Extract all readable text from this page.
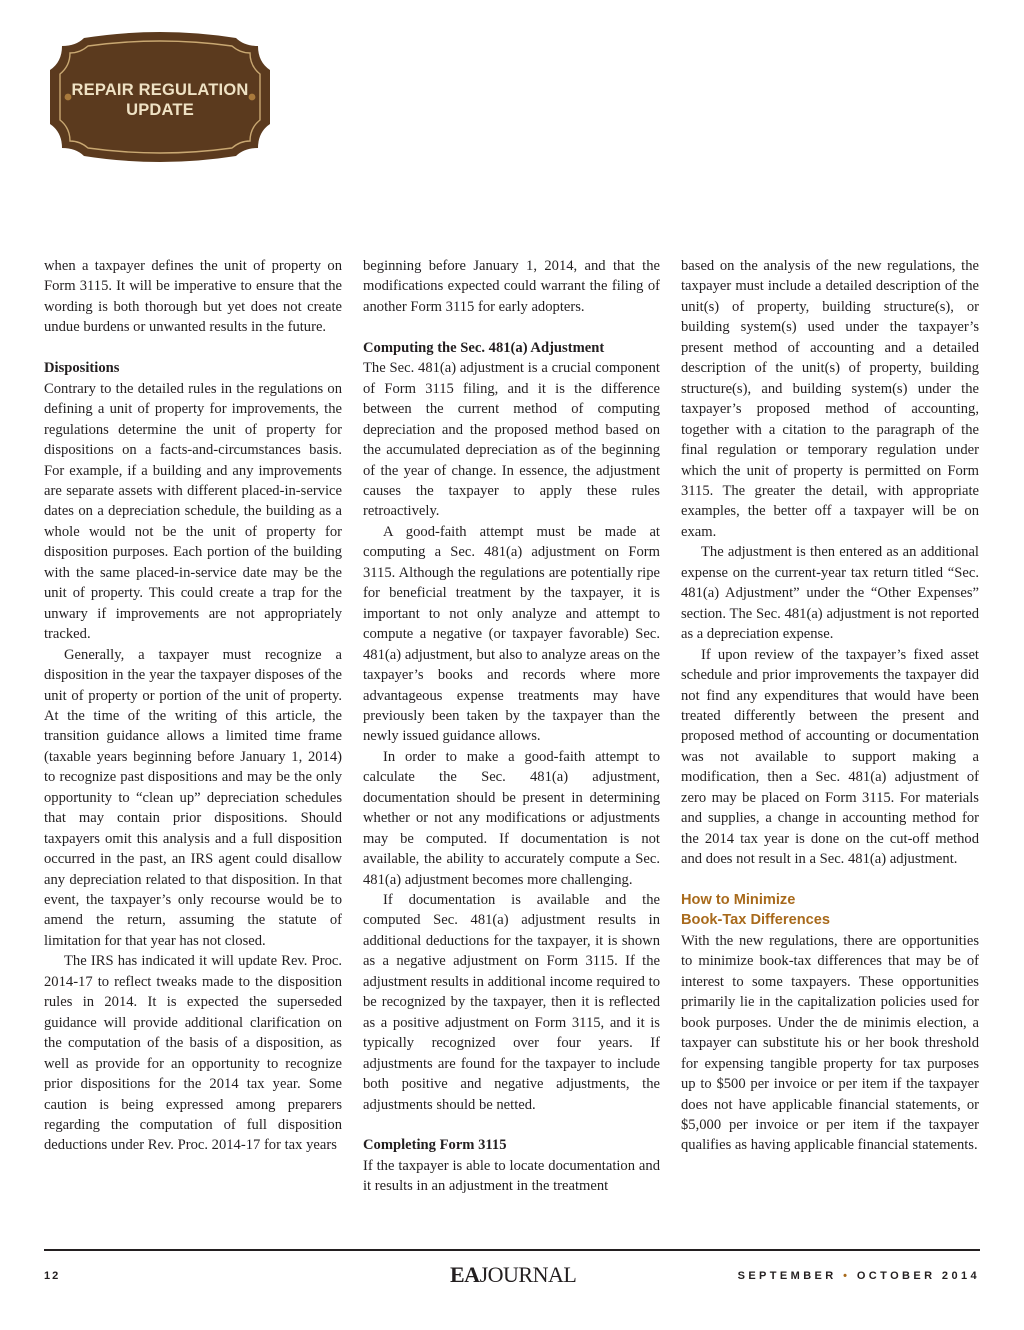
REPAIR REGULATION
UPDATE

when a taxpayer defines the unit of property on Form 3115. It will be imperative to ensure that the wording is both thorough but yet does not create undue burdens or unwanted results in the future.

Dispositions

Contrary to the detailed rules in the regulations on defining a unit of property for improvements, the regulations determine the unit of property for dispositions on a facts-and-circumstances basis. For example, if a building and any improvements are separate assets with different placed-in-service dates on a depreciation schedule, the building as a whole would not be the unit of property for disposition purposes. Each portion of the building with the same placed-in-service date may be the unit of property. This could create a trap for the unwary if improvements are not appropriately tracked.

Generally, a taxpayer must recognize a disposition in the year the taxpayer disposes of the unit of property or portion of the unit of property. At the time of the writing of this article, the transition guidance allows a limited time frame (taxable years beginning before January 1, 2014) to recognize past dispositions and may be the only opportunity to “clean up” depreciation schedules that may contain prior dispositions. Should taxpayers omit this analysis and a full disposition occurred in the past, an IRS agent could disallow any depreciation related to that disposition. In that event, the taxpayer’s only recourse would be to amend the return, assuming the statute of limitation for that year has not closed.

The IRS has indicated it will update Rev. Proc. 2014-17 to reflect tweaks made to the disposition rules in 2014. It is expected the superseded guidance will provide additional clarification on the computation of the basis of a disposition, as well as provide for an opportunity to recognize prior dispositions for the 2014 tax year. Some caution is being expressed among preparers regarding the computation of full disposition deductions under Rev. Proc. 2014-17 for tax years

beginning before January 1, 2014, and that the modifications expected could warrant the filing of another Form 3115 for early adopters.

Computing the Sec. 481(a) Adjustment

The Sec. 481(a) adjustment is a crucial component of Form 3115 filing, and it is the difference between the current method of computing depreciation and the proposed method based on the accumulated depreciation as of the beginning of the year of change. In essence, the adjustment causes the taxpayer to apply these rules retroactively.

A good-faith attempt must be made at computing a Sec. 481(a) adjustment on Form 3115. Although the regulations are potentially ripe for beneficial treatment by the taxpayer, it is important to not only analyze and attempt to compute a negative (or taxpayer favorable) Sec. 481(a) adjustment, but also to analyze areas on the taxpayer’s books and records where more advantageous expense treatments may have previously been taken by the taxpayer than the newly issued guidance allows.

In order to make a good-faith attempt to calculate the Sec. 481(a) adjustment, documentation should be present in determining whether or not any modifications or adjustments may be computed. If documentation is not available, the ability to accurately compute a Sec. 481(a) adjustment becomes more challenging.

If documentation is available and the computed Sec. 481(a) adjustment results in additional deductions for the taxpayer, it is shown as a negative adjustment on Form 3115. If the adjustment results in additional income required to be recognized by the taxpayer, then it is reflected as a positive adjustment on Form 3115, and it is typically recognized over four years. If adjustments are found for the taxpayer to include both positive and negative adjustments, the adjustments should be netted.

Completing Form 3115

If the taxpayer is able to locate documentation and it results in an adjustment in the treatment

based on the analysis of the new regulations, the taxpayer must include a detailed description of the unit(s) of property, building structure(s), or building system(s) used under the taxpayer’s present method of accounting and a detailed description of the unit(s) of property, building structure(s), and building system(s) under the taxpayer’s proposed method of accounting, together with a citation to the paragraph of the final regulation or temporary regulation under which the unit of property is permitted on Form 3115. The greater the detail, with appropriate examples, the better off a taxpayer will be on exam.

The adjustment is then entered as an additional expense on the current-year tax return titled “Sec. 481(a) Adjustment” under the “Other Expenses” section. The Sec. 481(a) adjustment is not reported as a depreciation expense.

If upon review of the taxpayer’s fixed asset schedule and prior improvements the taxpayer did not find any expenditures that would have been treated differently between the present and proposed method of accounting or documentation was not available to support making a modification, then a Sec. 481(a) adjustment of zero may be placed on Form 3115. For materials and supplies, a change in accounting method for the 2014 tax year is done on the cut-off method and does not result in a Sec. 481(a) adjustment.

How to Minimize
Book-Tax Differences

With the new regulations, there are opportunities to minimize book-tax differences that may be of interest to some taxpayers. These opportunities primarily lie in the capitalization policies used for book purposes. Under the de minimis election, a taxpayer can substitute his or her book threshold for expensing tangible property for tax purposes up to $500 per invoice or per item if the taxpayer does not have applicable financial statements, or $5,000 per invoice or per item if the taxpayer qualifies as having applicable financial statements.

12	EAJOURNAL	SEPTEMBER • OCTOBER 2014
